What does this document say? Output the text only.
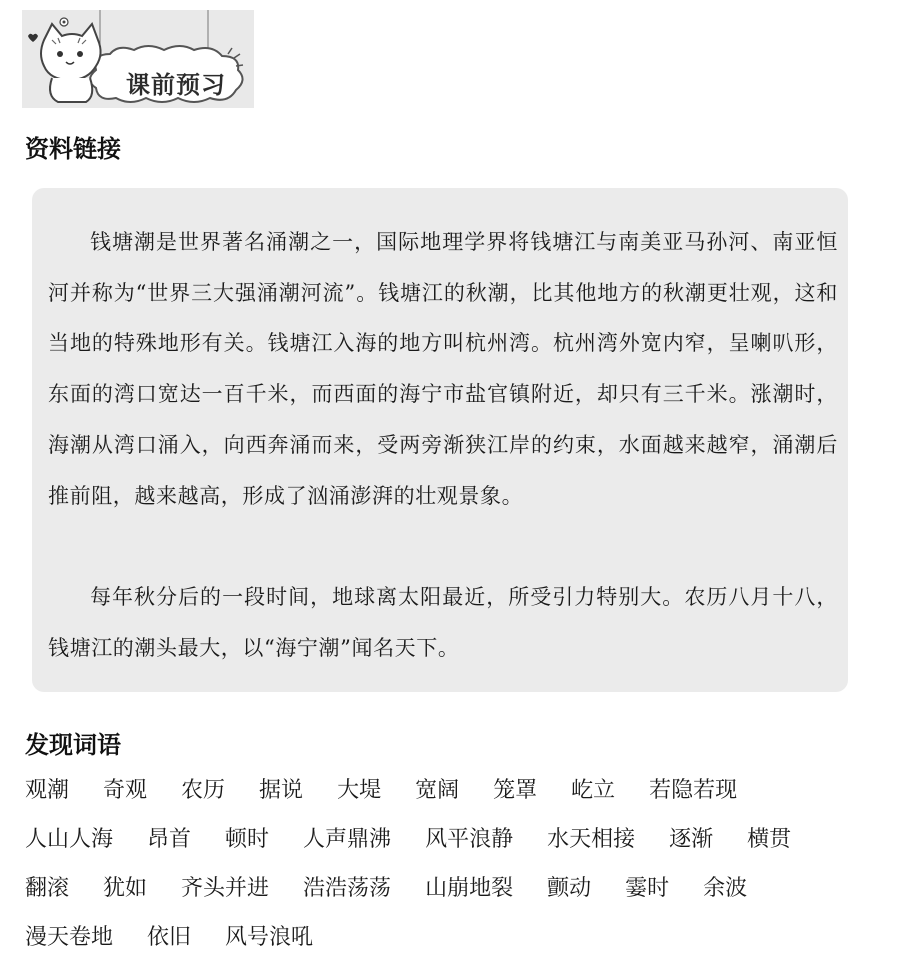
课前预习
资料链接

钱塘潮是世界著名涌潮之一，国际地理学界将钱塘江与南美亚马孙河、南亚恒河并称为“世界三大强涌潮河流”。钱塘江的秋潮，比其他地方的秋潮更壮观，这和当地的特殊地形有关。钱塘江入海的地方叫杭州湾。杭州湾外宽内窄，呈喇叭形，东面的湾口宽达一百千米，而西面的海宁市盐官镇附近，却只有三千米。涨潮时，海潮从湾口涌入，向西奔涌而来，受两旁渐狭江岸的约束，水面越来越窄，涌潮后推前阻，越来越高，形成了汹涌澎湃的壮观景象。

每年秋分后的一段时间，地球离太阳最近，所受引力特别大。农历八月十八，钱塘江的潮头最大，以“海宁潮”闻名天下。

发现词语
观潮 奇观 农历 据说 大堤 宽阔 笼罩 屹立 若隐若现 人山人海 昂首 顿时 人声鼎沸 风平浪静 水天相接 逐渐 横贯 翻滚 犹如 齐头并进 浩浩荡荡 山崩地裂 颤动 霎时 余波 漫天卷地 依旧 风号浪吼
